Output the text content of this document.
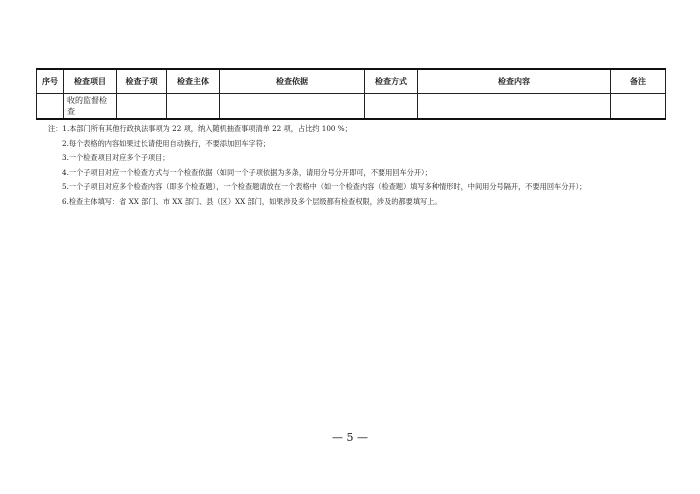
序号	检查项目	检查子项	检查主体	检查依据	检查方式	检查内容	备注
	收的监督检查						
注：1.本部门所有其他行政执法事项为 22 项，纳入随机抽查事项清单 22 项，占比约 100 %；
2.每个表格的内容如果过长请使用自动换行，不要添加回车字符；
3.一个检查项目对应多个子项目；
4.一个子项目对应一个检查方式与一个检查依据（如同一个子项依据为多条，请用分号分开即可，不要用回车分开）；
5.一个子项目对应多个检查内容（即多个检查题），一个检查题请放在一个表格中（如一个检查内容（检查题）填写多种情形时，中间用分号隔开，不要用回车分开）；
6.检查主体填写：省 XX 部门、市 XX 部门、县（区）XX 部门，如果涉及多个层级都有检查权限，涉及的都要填写上。
— 5 —
